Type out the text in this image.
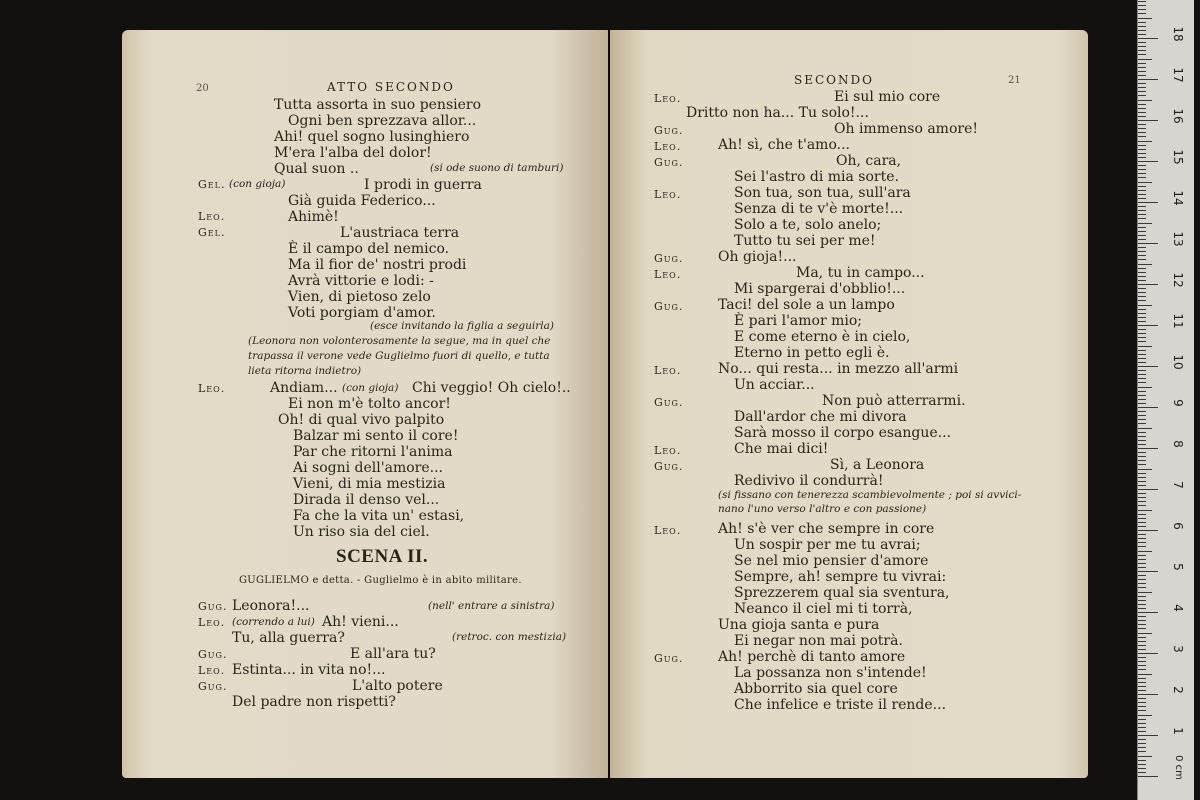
20	ATTO SECONDO
Tutta assorta in suo pensiero
Ogni ben sprezzava allor...
Ahi! quel sogno lusinghiero
M'era l'alba del dolor!
Qual suon ..	(si ode suono di tamburi)
Gel. (con gioja)	I prodi in guerra
Già guida Federico...
Leo.	Ahimè!
Gel.	L'austriaca terra
È il campo del nemico.
Ma il fior de' nostri prodi
Avrà vittorie e lodi: -
Vien, di pietoso zelo
Voti porgiam d'amor.
(esce invitando la figlia a seguirla)
(Leonora non volonterosamente la segue, ma in quel che
trapassa il verone vede Guglielmo fuori di quello, e tutta
lieta ritorna indietro)
Leo.	Andiam... (con gioja) Chi veggio! Oh cielo!..
Ei non m'è tolto ancor!
Oh! di qual vivo palpito
Balzar mi sento il core!
Par che ritorni l'anima
Ai sogni dell'amore...
Vieni, di mia mestizia
Dirada il denso vel...
Fa che la vita un' estasi,
Un riso sia del ciel.
SCENA II.
GUGLIELMO e detta. - Guglielmo è in abito militare.
Gug. Leonora!...	(nell' entrare a sinistra)
Leo. (correndo a lui) Ah! vieni...
Tu, alla guerra?	(retroc. con mestizia)
Gug.	E all'ara tu?
Leo. Estinta... in vita no!...
Gug.	L'alto potere
Del padre non rispetti?
SECONDO	21
Leo.	Ei sul mio core
Dritto non ha... Tu solo!...
Gug.	Oh immenso amore!
Leo.	Ah! sì, che t'amo...
Gug.	Oh, cara,
Sei l'astro di mia sorte.
Leo.	Son tua, son tua, sull'ara
Senza di te v'è morte!...
Solo a te, solo anelo;
Tutto tu sei per me!
Gug. Oh gioja!...
Leo.	Ma, tu in campo...
Mi spargerai d'obblio!...
Gug. Taci! del sole a un lampo
È pari l'amor mio;
E come eterno è in cielo,
Eterno in petto egli è.
Leo.	No... qui resta... in mezzo all'armi
Un acciar...
Gug.	Non può atterrarmi.
Dall'ardor che mi divora
Sarà mosso il corpo esangue...
Leo.	Che mai dici!
Gug.	Sì, a Leonora
Redivivo il condurrà!
(si fissano con tenerezza scambievolmente ; poi si avvici-
nano l'uno verso l'altro e con passione)
Leo.	Ah! s'è ver che sempre in core
Un sospir per me tu avrai;
Se nel mio pensier d'amore
Sempre, ah! sempre tu vivrai:
Sprezzerem qual sia sventura,
Neanco il ciel mi ti torrà,
Una gioja santa e pura
Ei negar non mai potrà.
Gug. Ah! perchè di tanto amore
La possanza non s'intende!
Abborrito sia quel core
Che infelice e triste il rende...
0 cm
1
2
3
4
5
6
7
8
9
10
11
12
13
14
15
16
17
18
